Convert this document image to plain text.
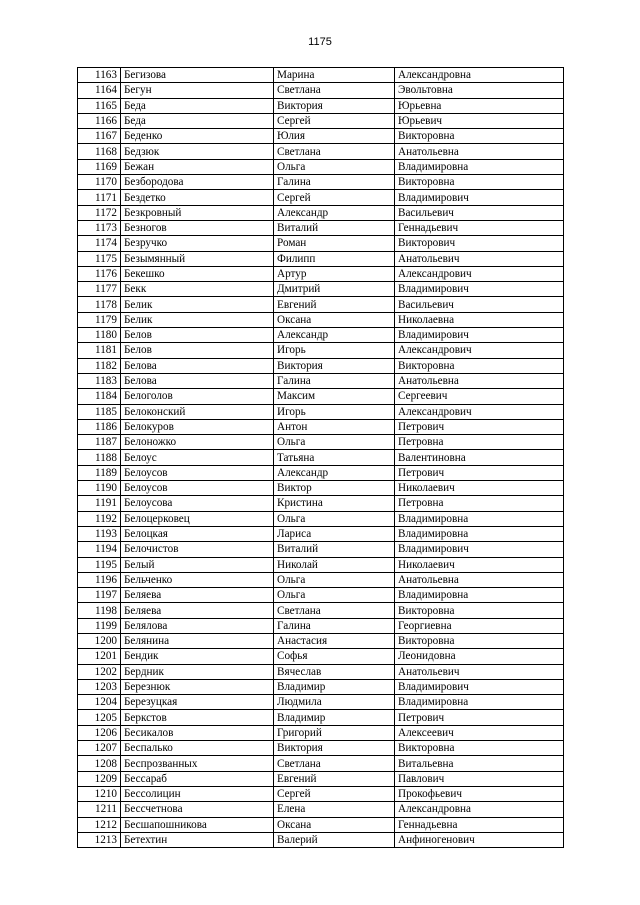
1175
1163	Бегизова	Марина	Александровна
1164	Бегун	Светлана	Эвольтовна
1165	Беда	Виктория	Юрьевна
1166	Беда	Сергей	Юрьевич
1167	Беденко	Юлия	Викторовна
1168	Бедзюк	Светлана	Анатольевна
1169	Бежан	Ольга	Владимировна
1170	Безбородова	Галина	Викторовна
1171	Бездетко	Сергей	Владимирович
1172	Безкровный	Александр	Васильевич
1173	Безногов	Виталий	Геннадьевич
1174	Безручко	Роман	Викторович
1175	Безымянный	Филипп	Анатольевич
1176	Бекешко	Артур	Александрович
1177	Бекк	Дмитрий	Владимирович
1178	Белик	Евгений	Васильевич
1179	Белик	Оксана	Николаевна
1180	Белов	Александр	Владимирович
1181	Белов	Игорь	Александрович
1182	Белова	Виктория	Викторовна
1183	Белова	Галина	Анатольевна
1184	Белоголов	Максим	Сергеевич
1185	Белоконский	Игорь	Александрович
1186	Белокуров	Антон	Петрович
1187	Белоножко	Ольга	Петровна
1188	Белоус	Татьяна	Валентиновна
1189	Белоусов	Александр	Петрович
1190	Белоусов	Виктор	Николаевич
1191	Белоусова	Кристина	Петровна
1192	Белоцерковец	Ольга	Владимировна
1193	Белоцкая	Лариса	Владимировна
1194	Белочистов	Виталий	Владимирович
1195	Белый	Николай	Николаевич
1196	Бельченко	Ольга	Анатольевна
1197	Беляева	Ольга	Владимировна
1198	Беляева	Светлана	Викторовна
1199	Белялова	Галина	Георгиевна
1200	Белянина	Анастасия	Викторовна
1201	Бендик	Софья	Леонидовна
1202	Бердник	Вячеслав	Анатольевич
1203	Березнюк	Владимир	Владимирович
1204	Березуцкая	Людмила	Владимировна
1205	Беркстов	Владимир	Петрович
1206	Бесикалов	Григорий	Алексеевич
1207	Беспалько	Виктория	Викторовна
1208	Беспрозванных	Светлана	Витальевна
1209	Бессараб	Евгений	Павлович
1210	Бессолицин	Сергей	Прокофьевич
1211	Бессчетнова	Елена	Александровна
1212	Бесшапошникова	Оксана	Геннадьевна
1213	Бетехтин	Валерий	Анфиногенович
